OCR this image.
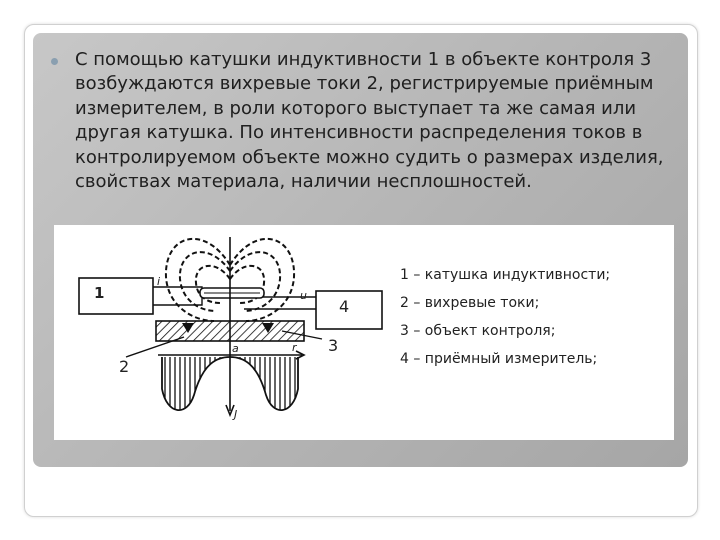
С помощью катушки индуктивности 1 в объекте контроля 3 возбуждаются вихревые токи 2, регистрируемые приёмным измерителем, в роли которого выступает та же самая или другая катушка. По интенсивности распределения токов в контролируемом объекте можно судить о размерах изделия, свойствах материала, наличии несплошностей.

1
4
2
3
i
u
a	r
J
1 – катушка индуктивности;
2 – вихревые токи;
3 – объект контроля;
4 – приёмный измеритель;
